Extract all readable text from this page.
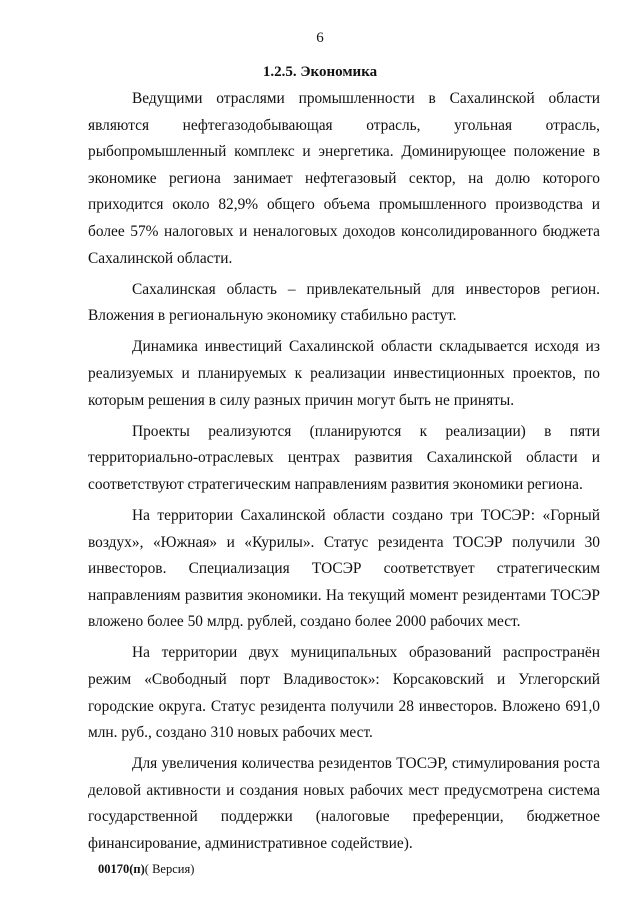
6
1.2.5. Экономика

Ведущими отраслями промышленности в Сахалинской области являются нефтегазодобывающая отрасль, угольная отрасль, рыбопромышленный комплекс и энергетика. Доминирующее положение в экономике региона занимает нефтегазовый сектор, на долю которого приходится около 82,9% общего объема промышленного производства и более 57% налоговых и неналоговых доходов консолидированного бюджета Сахалинской области.

Сахалинская область – привлекательный для инвесторов регион. Вложения в региональную экономику стабильно растут.

Динамика инвестиций Сахалинской области складывается исходя из реализуемых и планируемых к реализации инвестиционных проектов, по которым решения в силу разных причин могут быть не приняты.

Проекты реализуются (планируются к реализации) в пяти территориально-отраслевых центрах развития Сахалинской области и соответствуют стратегическим направлениям развития экономики региона.

На территории Сахалинской области создано три ТОСЭР: «Горный воздух», «Южная» и «Курилы». Статус резидента ТОСЭР получили 30 инвесторов. Специализация ТОСЭР соответствует стратегическим направлениям развития экономики. На текущий момент резидентами ТОСЭР вложено более 50 млрд. рублей, создано более 2000 рабочих мест.

На территории двух муниципальных образований распространён режим «Свободный порт Владивосток»: Корсаковский и Углегорский городские округа. Статус резидента получили 28 инвесторов. Вложено 691,0 млн. руб., создано 310 новых рабочих мест.

Для увеличения количества резидентов ТОСЭР, стимулирования роста деловой активности и создания новых рабочих мест предусмотрена система государственной поддержки (налоговые преференции, бюджетное финансирование, административное содействие).

00170(п)( Версия)
